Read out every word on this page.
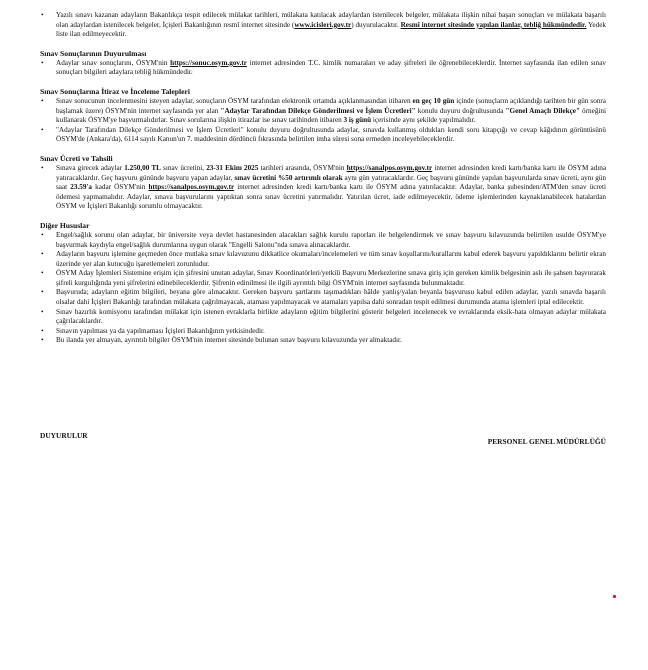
• Yazılı sınavı kazanan adayların Bakanlıkça tespit edilecek mülakat tarihleri, mülakata katılacak adaylardan istenilecek belgeler, mülakata ilişkin nihai başarı sonuçları ve mülakata başarılı olan adaylardan istenilecek belgeler, İçişleri Bakanlığının resmî internet sitesinde (www.icisleri.gov.tr) duyurulacaktır. Resmî internet sitesinde yapılan ilanlar, tebliğ hükmündedir. Yedek liste ilan edilmeyecektir.

Sınav Sonuçlarının Duyurulması

• Adaylar sınav sonuçlarını, ÖSYM'nin https://sonuc.osym.gov.tr internet adresinden T.C. kimlik numaraları ve aday şifreleri ile öğrenebileceklerdir. İnternet sayfasında ilan edilen sınav sonuçları bilgileri adaylara tebliğ hükmündedir.

Sınav Sonuçlarına İtiraz ve İnceleme Talepleri

• Sınav sonucunun incelenmesini isteyen adaylar, sonuçların ÖSYM tarafından elektronik ortamda açıklanmasından itibaren en geç 10 gün içinde (sonuçların açıklandığı tarihten bir gün sonra başlamak üzere) ÖSYM'nin internet sayfasında yer alan "Adaylar Tarafından Dilekçe Gönderilmesi ve İşlem Ücretleri" konulu duyuru doğrultusunda "Genel Amaçlı Dilekçe" örneğini kullanarak ÖSYM'ye başvurmalıdırlar. Sınav sorularına ilişkin itirazlar ise sınav tarihinden itibaren 3 iş günü içerisinde aynı şekilde yapılmalıdır.

• "Adaylar Tarafından Dilekçe Gönderilmesi ve İşlem Ücretleri" konulu duyuru doğrultusunda adaylar, sınavda kullanmış oldukları kendi soru kitapçığı ve cevap kâğıdının görüntüsünü ÖSYM'de (Ankara'da), 6114 sayılı Kanun'un 7. maddesinin dördüncü fıkrasında belirtilen imha süresi sona ermeden inceleyebileceklerdir.

Sınav Ücreti ve Tahsili

• Sınava girecek adaylar 1.250,00 TL sınav ücretini, 23-31 Ekim 2025 tarihleri arasında, ÖSYM'nin https://sanalpos.osym.gov.tr internet adresinden kredi kartı/banka kartı ile ÖSYM adına yatıracaklardır. Geç başvuru gününde başvuru yapan adaylar, sınav ücretini %50 artırımlı olarak aynı gün yatıracaklardır. Geç başvuru gününde yapılan başvurularda sınav ücreti, aynı gün saat 23.59'a kadar ÖSYM'nin https://sanalpos.osym.gov.tr internet adresinden kredi kartı/banka kartı ile ÖSYM adına yatırılacaktır. Adaylar, banka şubesinden/ATM'den sınav ücreti ödemesi yapmamalıdır. Adaylar, sınava başvurularını yaptıktan sonra sınav ücretini yatırmalıdır. Yatırılan ücret, iade edilmeyecektir, ödeme işlemlerinden kaynaklanabilecek hatalardan ÖSYM ve İçişleri Bakanlığı sorumlu olmayacaktır.

Diğer Hususlar

• Engel/sağlık sorunu olan adaylar, bir üniversite veya devlet hastanesinden alacakları sağlık kurulu raporları ile belgelendirmek ve sınav başvuru kılavuzunda belirtilen usulde ÖSYM'ye başvurmak kaydıyla engel/sağlık durumlarına uygun olarak "Engelli Salonu"nda sınava alınacaklardır.

• Adayların başvuru işlemine geçmeden önce mutlaka sınav kılavuzunu dikkatlice okumaları/incelemeleri ve tüm sınav koşullarını/kurallarını kabul ederek başvuru yapıldıklarını belirtir ekran üzerinde yer alan kutucuğu işaretlemeleri zorunludur.

• ÖSYM Aday İşlemleri Sistemine erişim için şifresini unutan adaylar, Sınav Koordinatörleri/yetkili Başvuru Merkezlerine sınava giriş için gereken kimlik belgesinin aslı ile şahsen başvurarak şifreli kurgulığında yeni şifrelerini edinebileceklerdir. Şifrenin edinilmesi ile ilgili ayrıntılı bilgi ÖSYM'nin internet sayfasında bulunmaktadır.

• Başvuruda; adayların eğitim bilgileri, beyana göre alınacaktır. Gereken başvuru şartlarını taşımadıkları hâlde yanlış/yalan beyanla başvurusu kabul edilen adaylar, yazılı sınavda başarılı olsalar dahi İçişleri Bakanlığı tarafından mülakata çağrılmayacak, ataması yapılmayacak ve atamaları yapılsa dahi sonradan tespit edilmesi durumunda atama işlemleri iptal edilecektir.

• Sınav hazırlık komisyonu tarafından mülakat için istenen evraklarla birlikte adayların eğitim bilgilerini gösterir belgeleri incelenecek ve evraklarında eksik-hata olmayan adaylar mülakata çağrılacaklardır.

• Sınavın yapılması ya da yapılmaması İçişleri Bakanlığının yetkisindedir.

• Bu ilanda yer almayan, ayrıntılı bilgiler ÖSYM'nin internet sitesinde bulunan sınav başvuru kılavuzunda yer almaktadır.

DUYURULUR
PERSONEL GENEL MÜDÜRLÜĞÜ
